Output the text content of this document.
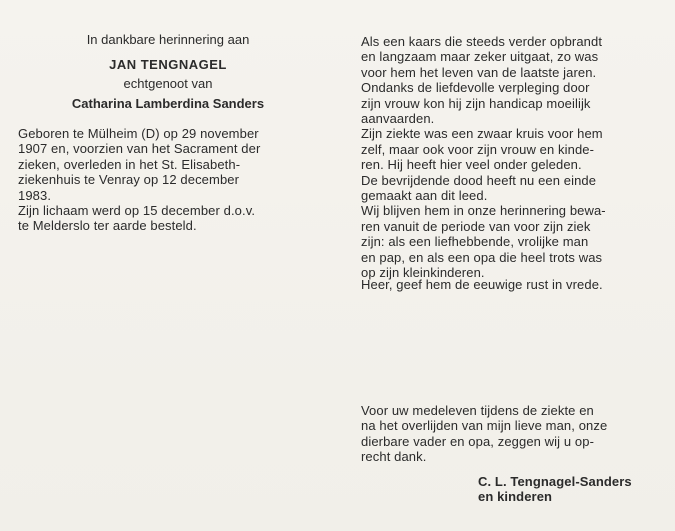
In dankbare herinnering aan
JAN TENGNAGEL
echtgenoot van
Catharina Lamberdina Sanders
Geboren te Mülheim (D) op 29 november
1907 en, voorzien van het Sacrament der
zieken, overleden in het St. Elisabeth-
ziekenhuis te Venray op 12 december
1983.
Zijn lichaam werd op 15 december d.o.v.
te Melderslo ter aarde besteld.
Als een kaars die steeds verder opbrandt
en langzaam maar zeker uitgaat, zo was
voor hem het leven van de laatste jaren.
Ondanks de liefdevolle verpleging door
zijn vrouw kon hij zijn handicap moeilijk
aanvaarden.
Zijn ziekte was een zwaar kruis voor hem
zelf, maar ook voor zijn vrouw en kinde-
ren. Hij heeft hier veel onder geleden.
De bevrijdende dood heeft nu een einde
gemaakt aan dit leed.
Wij blijven hem in onze herinnering bewa-
ren vanuit de periode van voor zijn ziek
zijn: als een liefhebbende, vrolijke man
en pap, en als een opa die heel trots was
op zijn kleinkinderen.
Heer, geef hem de eeuwige rust in vrede.
Voor uw medeleven tijdens de ziekte en
na het overlijden van mijn lieve man, onze
dierbare vader en opa, zeggen wij u op-
recht dank.
C. L. Tengnagel-Sanders
en kinderen
